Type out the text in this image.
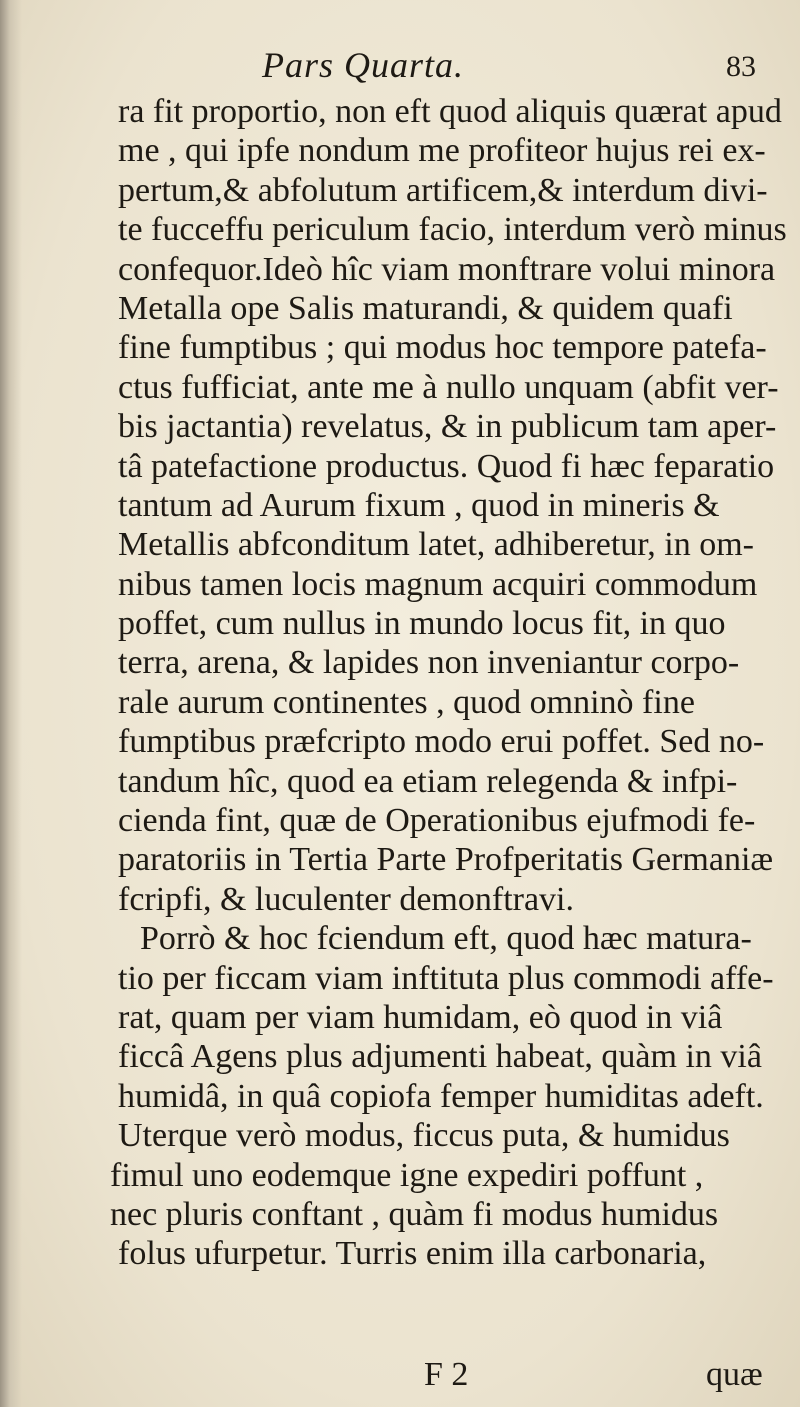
Pars Quarta.	83
ra fit proportio, non eft quod aliquis quærat apud
me , qui ipfe nondum me profiteor hujus rei ex-
pertum,& abfolutum artificem,& interdum divi-
te fucceffu periculum facio, interdum verò minus
confequor.Ideò hîc viam monftrare volui minora
Metalla ope Salis maturandi, & quidem quafi
fine fumptibus ; qui modus hoc tempore patefa-
ctus fufficiat, ante me à nullo unquam (abfit ver-
bis jactantia) revelatus, & in publicum tam aper-
tâ patefactione productus. Quod fi hæc feparatio
tantum ad Aurum fixum , quod in mineris &
Metallis abfconditum latet, adhiberetur, in om-
nibus tamen locis magnum acquiri commodum
poffet, cum nullus in mundo locus fit, in quo
terra, arena, & lapides non inveniantur corpo-
rale aurum continentes , quod omninò fine
fumptibus præfcripto modo erui poffet. Sed no-
tandum hîc, quod ea etiam relegenda & infpi-
cienda fint, quæ de Operationibus ejufmodi fe-
paratoriis in Tertia Parte Profperitatis Germaniæ
fcripfi, & luculenter demonftravi.
Porrò & hoc fciendum eft, quod hæc matura-
tio per ficcam viam inftituta plus commodi affe-
rat, quam per viam humidam, eò quod in viâ
ficcâ Agens plus adjumenti habeat, quàm in viâ
humidâ, in quâ copiofa femper humiditas adeft.
Uterque verò modus, ficcus puta, & humidus
fimul uno eodemque igne expediri poffunt ,
nec pluris conftant , quàm fi modus humidus
folus ufurpetur. Turris enim illa carbonaria,
F 2	quæ
